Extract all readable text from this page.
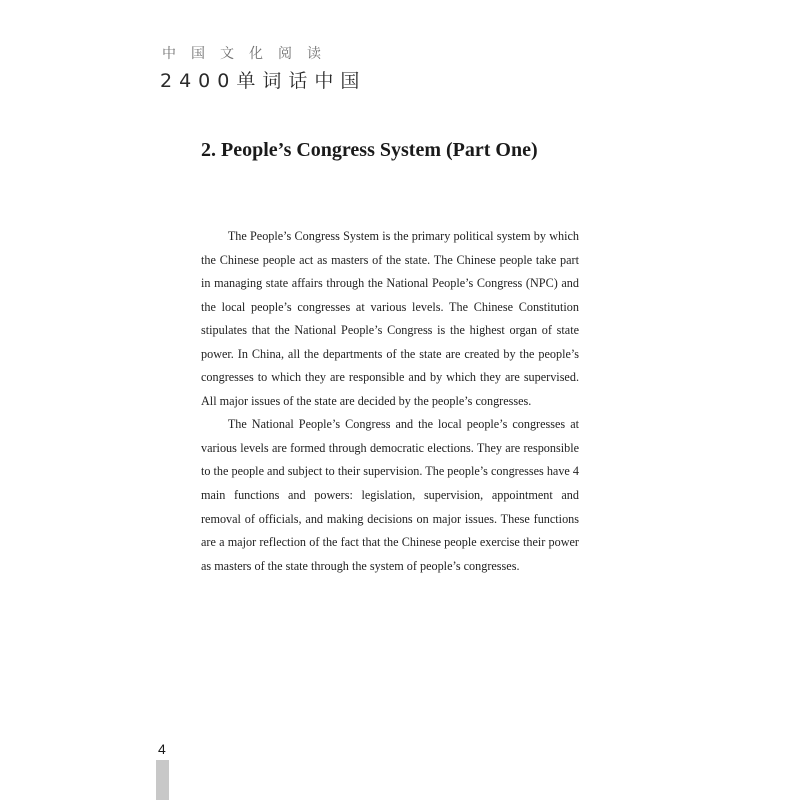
中国文化阅读
2400单词话中国
2. People’s Congress System (Part One)

The People’s Congress System is the primary political system by which the Chinese people act as masters of the state. The Chinese people take part in managing state affairs through the National People’s Congress (NPC) and the local people’s congresses at various levels. The Chinese Constitution stipulates that the National People’s Congress is the highest organ of state power. In China, all the departments of the state are created by the people’s congresses to which they are responsible and by which they are supervised. All major issues of the state are decided by the people’s congresses.

The National People’s Congress and the local people’s congresses at various levels are formed through democratic elections. They are responsible to the people and subject to their supervision. The people’s congresses have 4 main functions and powers: legislation, supervision, appointment and removal of officials, and making decisions on major issues. These functions are a major reflection of the fact that the Chinese people exercise their power as masters of the state through the system of people’s congresses.

4
